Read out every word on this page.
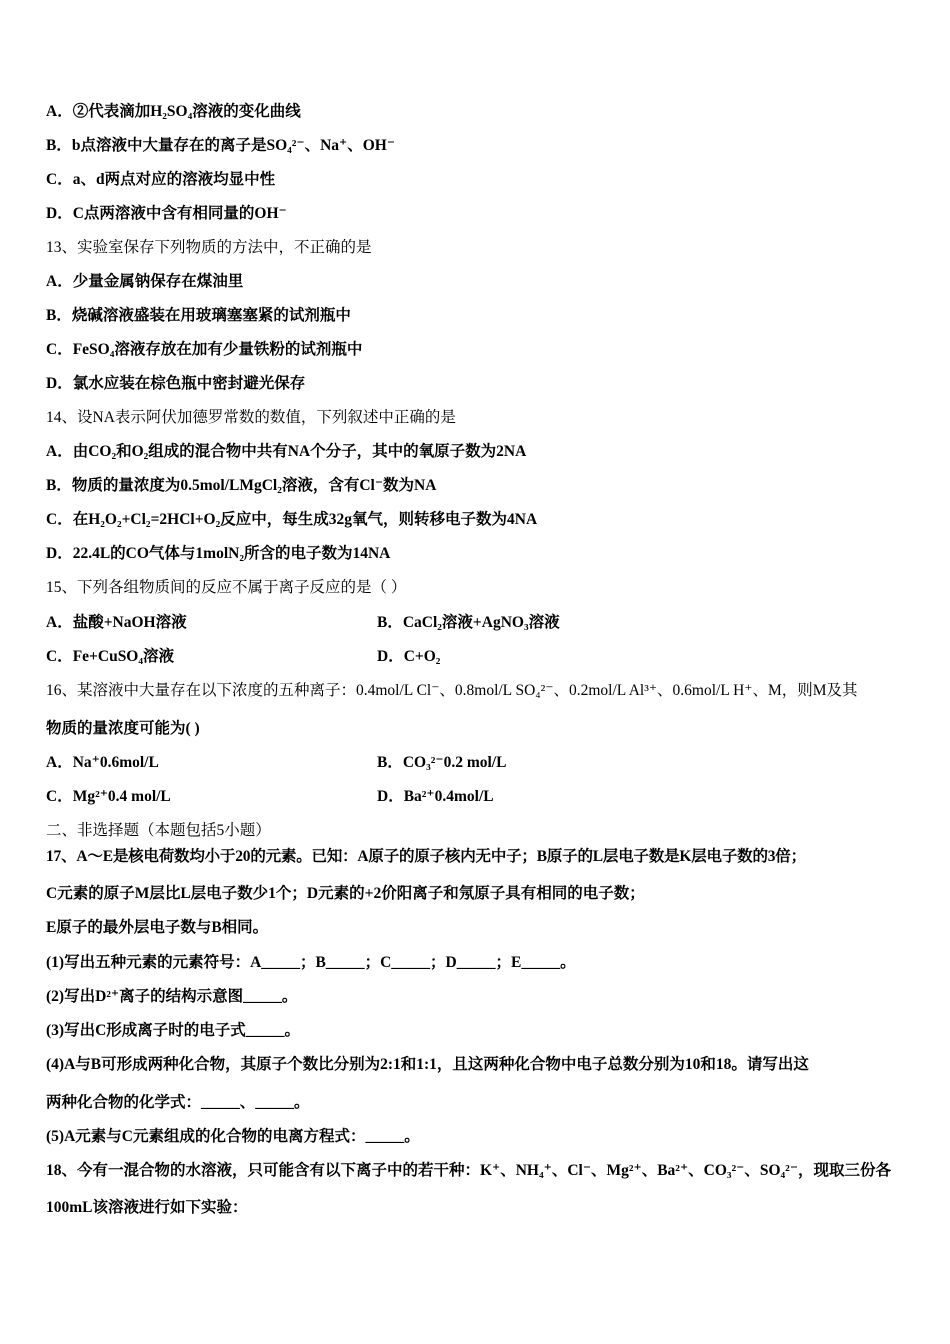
A．②代表滴加H₂SO₄溶液的变化曲线
B．b点溶液中大量存在的离子是SO₄²⁻、Na⁺、OH⁻
C．a、d两点对应的溶液均显中性
D．C点两溶液中含有相同量的OH⁻
13、实验室保存下列物质的方法中，不正确的是
A．少量金属钠保存在煤油里
B．烧碱溶液盛装在用玻璃塞塞紧的试剂瓶中
C．FeSO₄溶液存放在加有少量铁粉的试剂瓶中
D．氯水应装在棕色瓶中密封避光保存
14、设NA表示阿伏加德罗常数的数值，下列叙述中正确的是
A．由CO₂和O₂组成的混合物中共有NA个分子，其中的氧原子数为2NA
B．物质的量浓度为0.5mol/LMgCl₂溶液，含有Cl⁻数为NA
C．在H₂O₂+Cl₂=2HCl+O₂反应中，每生成32g氧气，则转移电子数为4NA
D．22.4L的CO气体与1molN₂所含的电子数为14NA
15、下列各组物质间的反应不属于离子反应的是（ ）
A．盐酸+NaOH溶液	B．CaCl₂溶液+AgNO₃溶液
C．Fe+CuSO₄溶液	D．C+O₂
16、某溶液中大量存在以下浓度的五种离子：0.4mol/L Cl⁻、0.8mol/L SO₄²⁻、0.2mol/L Al³⁺、0.6mol/L H⁺、M，则M及其
物质的量浓度可能为( )
A．Na⁺0.6mol/L	B．CO₃²⁻0.2 mol/L
C．Mg²⁺0.4 mol/L	D．Ba²⁺0.4mol/L
二、非选择题（本题包括5小题）
17、A～E是核电荷数均小于20的元素。已知：A原子的原子核内无中子；B原子的L层电子数是K层电子数的3倍；
C元素的原子M层比L层电子数少1个；D元素的+2价阳离子和氖原子具有相同的电子数；
E原子的最外层电子数与B相同。
(1)写出五种元素的元素符号：A_____；B_____；C_____；D_____；E_____。
(2)写出D²⁺离子的结构示意图_____。
(3)写出C形成离子时的电子式_____。
(4)A与B可形成两种化合物，其原子个数比分别为2:1和1:1，且这两种化合物中电子总数分别为10和18。请写出这
两种化合物的化学式：_____、_____。
(5)A元素与C元素组成的化合物的电离方程式：_____。
18、今有一混合物的水溶液，只可能含有以下离子中的若干种：K⁺、NH₄⁺、Cl⁻、Mg²⁺、Ba²⁺、CO₃²⁻、SO₄²⁻，现取三份各
100mL该溶液进行如下实验：
